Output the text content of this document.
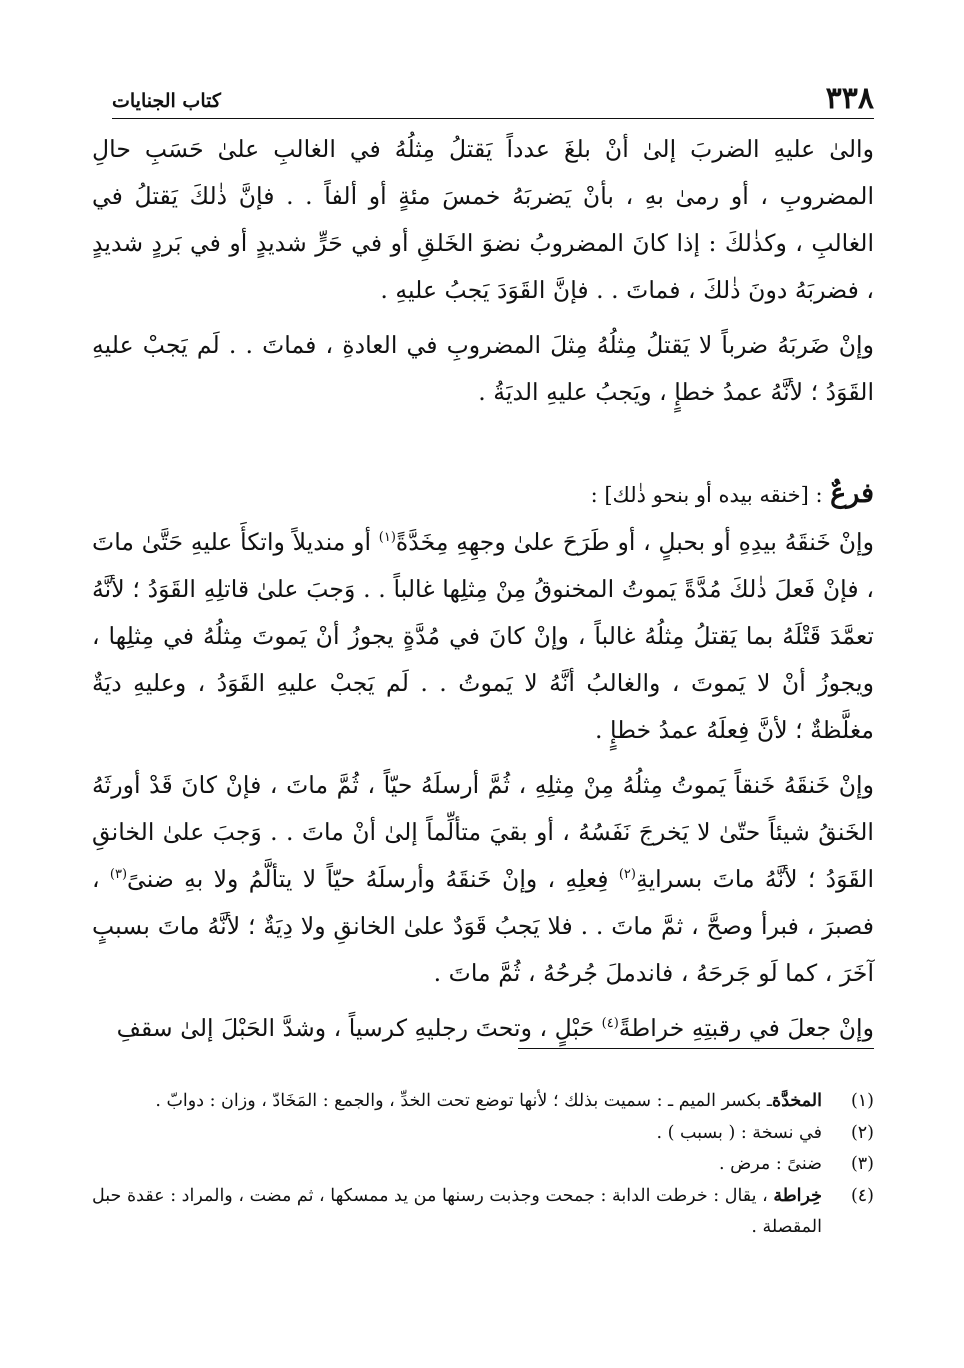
٣٣٨
كتاب الجنايات

والىٰ عليهِ الضربَ إلىٰ أنْ بلغَ عدداً يَقتلُ مِثلُهُ في الغالبِ علىٰ حَسَبِ حالِ المضروبِ ، أو رمىٰ بهِ ، بأنْ يَضربَهُ خمسَ مئةٍ أو ألفاً . . فإنَّ ذٰلكَ يَقتلُ في الغالبِ ، وكذٰلكَ : إذا كانَ المضروبُ نضوَ الخَلقِ أو في حَرٍّ شديدٍ أو في بَردٍ شديدٍ ، فضربَهُ دونَ ذٰلكَ ، فماتَ . . فإنَّ القَوَدَ يَجبُ عليهِ .

وإنْ ضَربَهُ ضرباً لا يَقتلُ مِثلُهُ مِثلَ المضروبِ في العادةِ ، فماتَ . . لَم يَجبْ عليهِ القَوَدُ ؛ لأنَّهُ عمدُ خطإٍ ، ويَجبُ عليهِ الديَةُ .

فرعٌ : [خنقه بيده أو بنحو ذٰلك] :

وإنْ خَنقَهُ بيدِهِ أو بحبلٍ ، أو طَرَحَ علىٰ وجهِهِ مِخَدَّةً$^{(١)}$ أو منديلاً واتكأَ عليهِ حَتَّىٰ ماتَ ، فإنْ فَعلَ ذٰلكَ مُدَّةً يَموتُ المخنوقُ مِنْ مِثلِها غالباً . . وَجبَ علىٰ قاتلِهِ القَوَدُ ؛ لأنَّهُ تعمَّدَ قَتْلَهُ بما يَقتلُ مِثلُهُ غالباً ، وإنْ كانَ في مُدَّةٍ يجوزُ أنْ يَموتَ مِثلُهُ في مِثلِها ، ويجوزُ أنْ لا يَموتَ ، والغالبُ أنَّهُ لا يَموتُ . . لَم يَجبْ عليهِ القَوَدُ ، وعليهِ ديَةٌ مغلَّظةٌ ؛ لأنَّ فِعلَهُ عمدُ خطإٍ .

وإنْ خَنقَهُ خَنقاً يَموتُ مِثلُهُ مِنْ مِثلِهِ ، ثُمَّ أرسلَهُ حيّاً ، ثُمَّ ماتَ ، فإنْ كانَ قَدْ أورثَهُ الخَنقُ شيئاً حتّىٰ لا يَخرجَ نَفَسُهُ ، أو بقيَ متألِّماً إلىٰ أنْ ماتَ . . وَجبَ علىٰ الخانقِ القَوَدُ ؛ لأنَّهُ ماتَ بسرايةِ$^{(٢)}$ فِعلِهِ ، وإنْ خَنقَهُ وأرسلَهُ حيّاً لا يتألَّمُ ولا بهِ ضنىً$^{(٣)}$ ، فصبرَ ، فبرأ وصحَّ ، ثمَّ ماتَ . . فلا يَجبُ قَوَدٌ علىٰ الخانقِ ولا دِيَةٌ ؛ لأنَّهُ ماتَ بسببٍ آخَرَ ، كما لَو جَرحَهُ ، فاندملَ جُرحُهُ ، ثُمَّ ماتَ .

وإنْ جعلَ في رقبتِهِ خراطةً$^{(٤)}$ حَبْلٍ ، وتحتَ رجليهِ كرسياً ، وشدَّ الحَبْلَ إلىٰ سقفِ

(١)
المخدَّةـ بكسر الميم ـ : سميت بذلك ؛ لأنها توضع تحت الخدِّ ، والجمع : المَخَادّ ، وزان : دوابّ .
(٢)
في نسخة : ( بسبب ) .
(٣)
ضنىً : مرض .
(٤)
خِراطة ، يقال : خرطت الدابة : جمحت وجذبت رسنها من يد ممسكها ، ثم مضت ، والمراد : عقدة حبل المقصلة .
